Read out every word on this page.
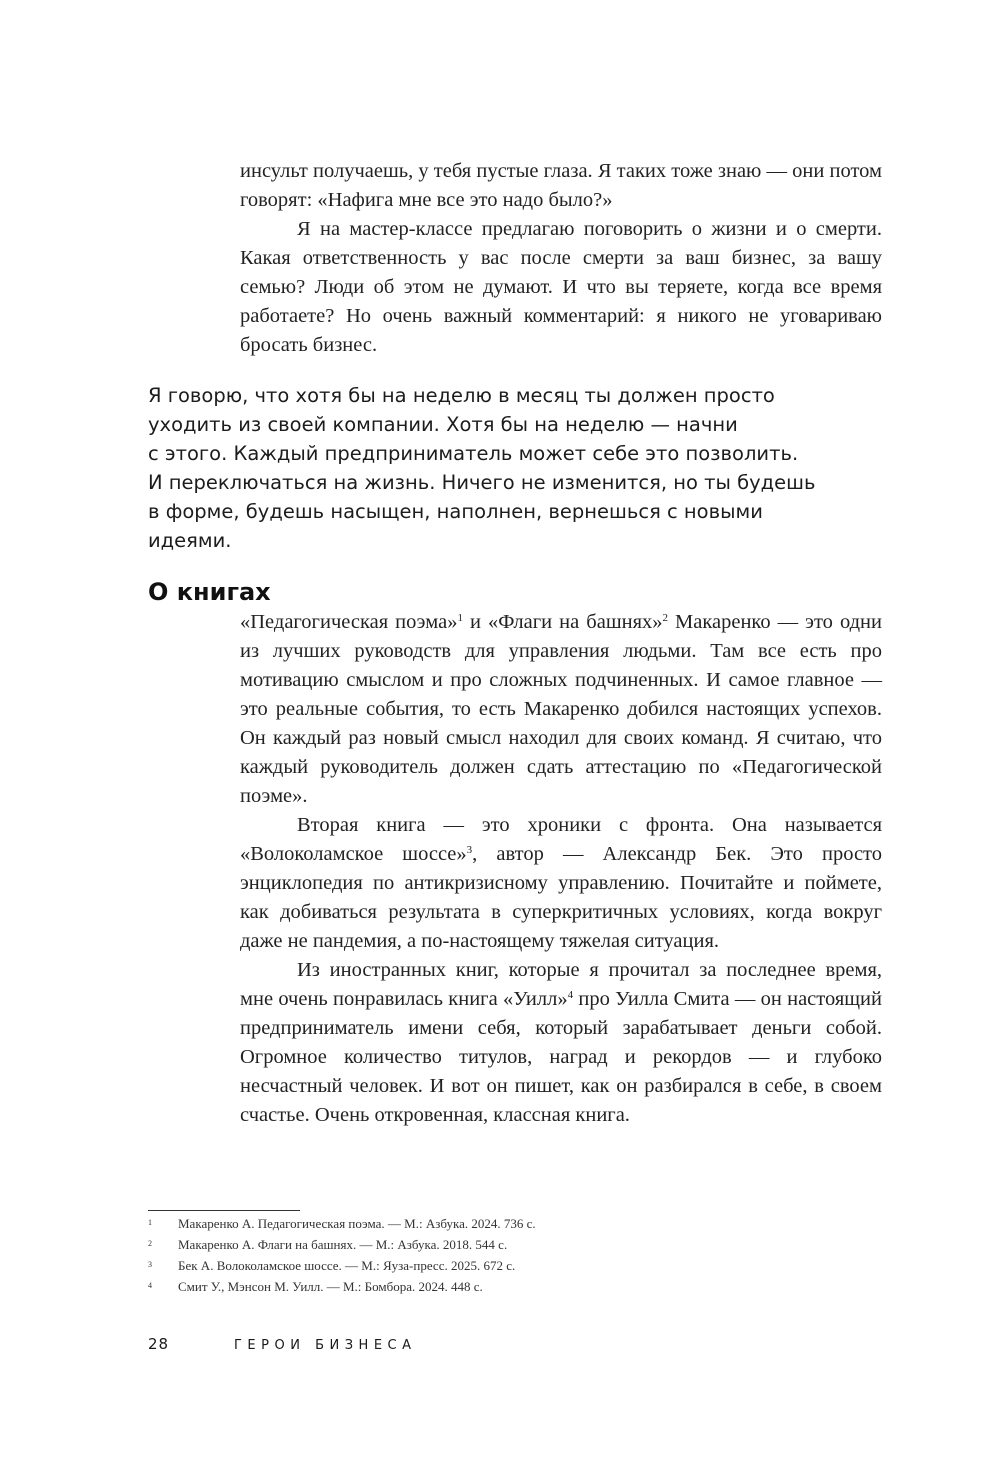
инсульт получаешь, у тебя пустые глаза. Я таких тоже знаю — они потом говорят: «Нафига мне все это надо было?»

Я на мастер-классе предлагаю поговорить о жизни и о смерти. Какая ответственность у вас после смерти за ваш бизнес, за вашу семью? Люди об этом не думают. И что вы теряете, когда все время работаете? Но очень важный комментарий: я никого не уговариваю бросать бизнес.

Я говорю, что хотя бы на неделю в месяц ты должен просто
уходить из своей компании. Хотя бы на неделю — начни
с этого. Каждый предприниматель может себе это позволить.
И переключаться на жизнь. Ничего не изменится, но ты будешь
в форме, будешь насыщен, наполнен, вернешься с новыми
идеями.
О книгах

«Педагогическая поэма»$^1$ и «Флаги на башнях»$^2$ Макаренко — это одни из лучших руководств для управления людьми. Там все есть про мотивацию смыслом и про сложных подчиненных. И самое главное — это реальные события, то есть Макаренко добился настоящих успехов. Он каждый раз новый смысл находил для своих команд. Я считаю, что каждый руководитель должен сдать аттестацию по «Педагогической поэме».

Вторая книга — это хроники с фронта. Она называется «Волоколамское шоссе»$^3$, автор — Александр Бек. Это просто энциклопедия по антикризисному управлению. Почитайте и поймете, как добиваться результата в суперкритичных условиях, когда вокруг даже не пандемия, а по-настоящему тяжелая ситуация.

Из иностранных книг, которые я прочитал за последнее время, мне очень понравилась книга «Уилл»$^4$ про Уилла Смита — он настоящий предприниматель имени себя, который зарабатывает деньги собой. Огромное количество титулов, наград и рекордов — и глубоко несчастный человек. И вот он пишет, как он разбирался в себе, в своем счастье. Очень откровенная, классная книга.

1	Макаренко А. Педагогическая поэма. — М.: Азбука. 2024. 736 с.
2	Макаренко А. Флаги на башнях. — М.: Азбука. 2018. 544 с.
3	Бек А. Волоколамское шоссе. — М.: Яуза-пресс. 2025. 672 с.
4	Смит У., Мэнсон М. Уилл. — М.: Бомбора. 2024. 448 с.
28	ГЕРОИ БИЗНЕСА
